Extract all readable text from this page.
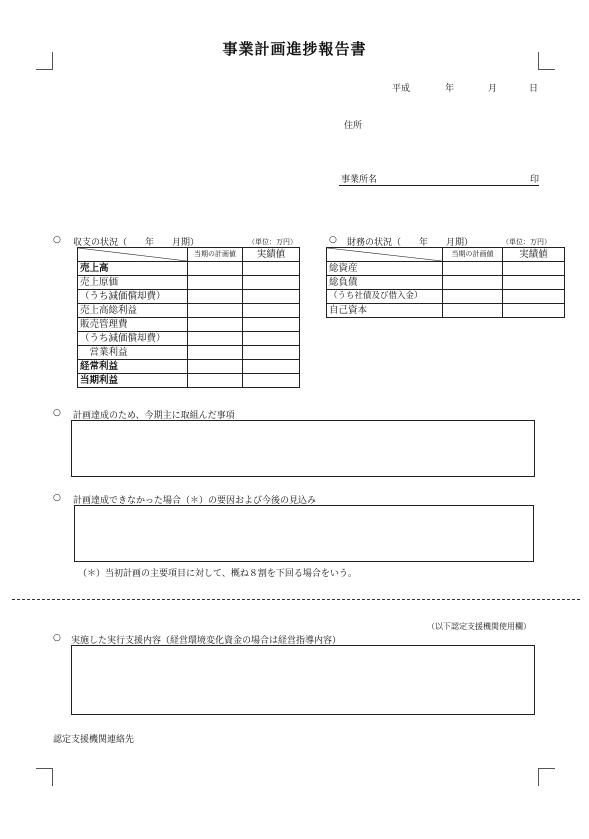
事業計画進捗報告書
平成	年	月	日
住所
事業所名	印
○ 収支の状況（　　年　　月期）	（単位：万円）
	当期の計画値	実績値
売上高		
売上原価		
（うち減価償却費）		
売上高総利益		
販売管理費		
（うち減価償却費）		
　営業利益		
経常利益		
当期利益		
○ 財務の状況（　　年　　月期）	（単位：万円）
	当期の計画値	実績値
総資産		
総負債		
（うち社債及び借入金）		
自己資本		
○ 計画達成のため、今期主に取組んだ事項
○ 計画達成できなかった場合（＊）の要因および今後の見込み
（＊）当初計画の主要項目に対して、概ね８割を下回る場合をいう。
（以下認定支援機関使用欄）
○ 実施した実行支援内容（経営環境変化資金の場合は経営指導内容）
認定支援機関連絡先
